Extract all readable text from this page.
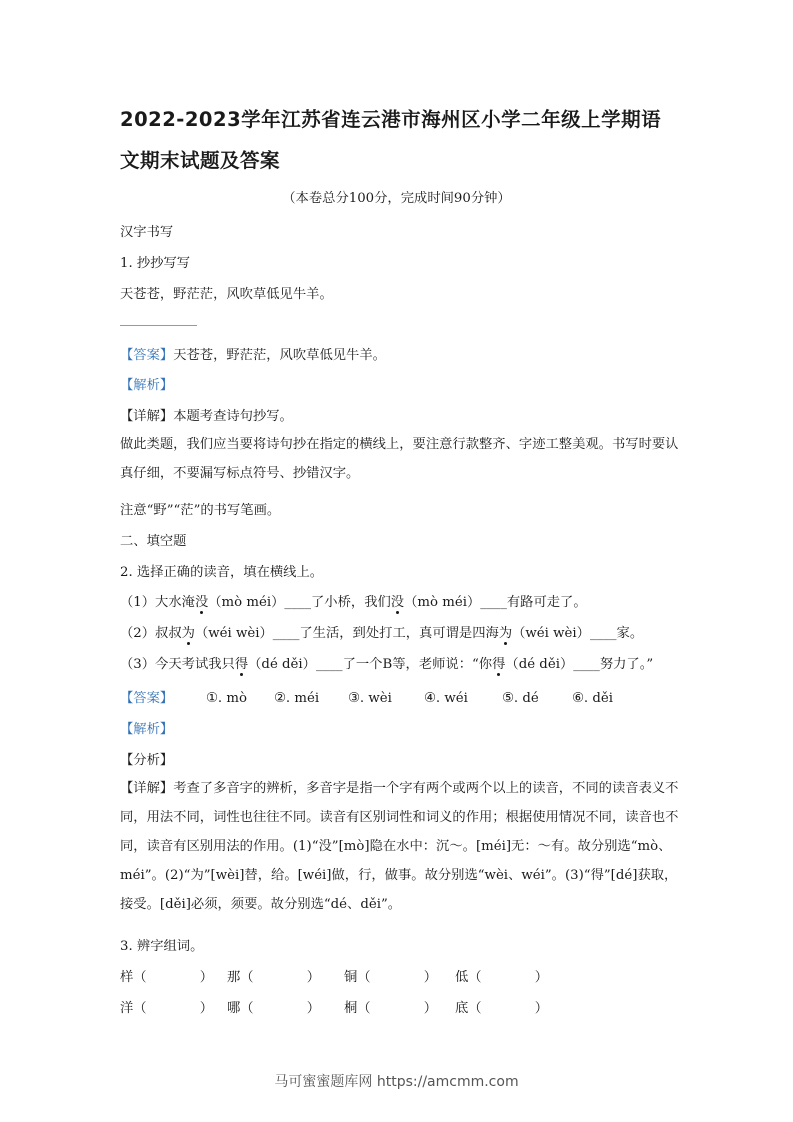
2022-2023学年江苏省连云港市海州区小学二年级上学期语
文期末试题及答案
（本卷总分100分，完成时间90分钟）
汉字书写
1. 抄抄写写
天苍苍，野茫茫，风吹草低见牛羊。
【答案】天苍苍，野茫茫，风吹草低见牛羊。
【解析】
【详解】本题考查诗句抄写。
做此类题，我们应当要将诗句抄在指定的横线上，要注意行款整齐、字迹工整美观。书写时要认真仔细，不要漏写标点符号、抄错汉字。
注意“野”“茫”的书写笔画。
二、填空题
2. 选择正确的读音，填在横线上。
（1）大水淹没（mò méi）____了小桥，我们没（mò méi）____有路可走了。
（2）叔叔为（wéi wèi）____了生活，到处打工，真可谓是四海为（wéi wèi）____家。
（3）今天考试我只得（dé děi）____了一个B等，老师说：“你得（dé děi）____努力了。”
【答案】 ①. mò ②. méi ③. wèi ④. wéi	⑤. dé ⑥. děi
【解析】
【分析】
【详解】考查了多音字的辨析，多音字是指一个字有两个或两个以上的读音，不同的读音表义不同，用法不同，词性也往往不同。读音有区别词性和词义的作用；根据使用情况不同，读音也不同，读音有区别用法的作用。(1)“没”[mò]隐在水中：沉～。[méi]无：～有。故分别选“mò、méi”。(2)“为”[wèi]替，给。[wéi]做，行，做事。故分别选“wèi、wéi”。(3)“得”[dé]获取，接受。[děi]必须，须要。故分别选“dé、děi”。
3. 辨字组词。
样（　　　　） 那（　　　　） 铜（　　　　） 低（　　　　）
洋（　　　　） 哪（　　　　） 桐（　　　　） 底（　　　　）
马可蜜蜜题库网 https://amcmm.com
